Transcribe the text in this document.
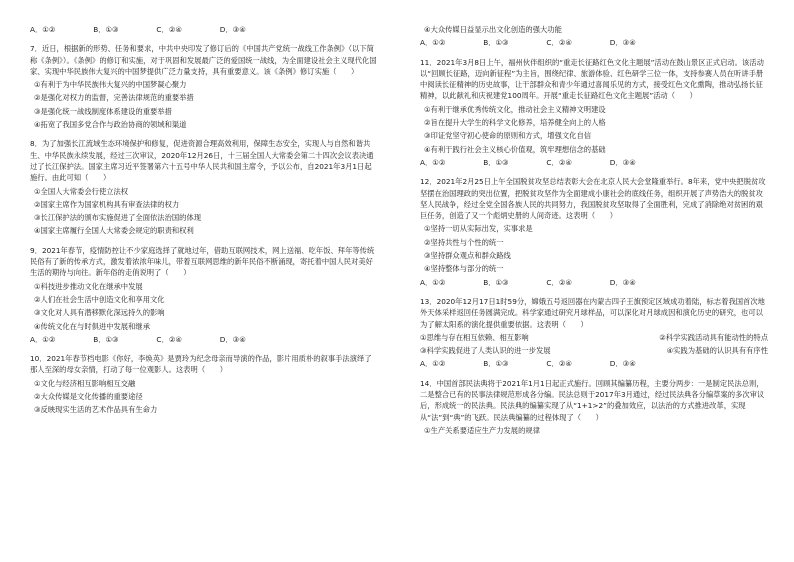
A．①②	B．①③	C．②④	D．③④

7．近日，根据新的形势、任务和要求，中共中央印发了修订后的《中国共产党统一战线工作条例》（以下简称《条例》）。《条例》的修订和实施，对于巩固和发展最广泛的爱国统一战线，为全面建设社会主义现代化国家、实现中华民族伟大复兴的中国梦提供广泛力量支持，具有重要意义。该《条例》修订实施（　　）

①有利于为中华民族伟大复兴的中国梦凝心聚力

②是强化对权力的监督，完善法律规范的重要举措

③是强化统一战线制度体系建设的重要举措

④拓宽了我国多党合作与政治协商的领域和渠道

8．为了加强长江流域生态环境保护和修复，促进资源合理高效利用，保障生态安全，实现人与自然和谐共生、中华民族永续发展，经过三次审议，2020年12月26日，十三届全国人大常委会第二十四次会议表决通过了长江保护法。国家主席习近平签署第六十五号中华人民共和国主席令，予以公布，自2021年3月1日起施行。由此可知（　　）

①全国人大常委会行使立法权

②国家主席作为国家机构具有审查法律的权力

③长江保护法的颁布实施促进了全面依法治国的体现

④国家主席履行全国人大常委会规定的职责和权利

9．2021年春节，疫情防控让不少家庭选择了就地过年，借助互联网技术，网上送福、吃年饭、拜年等传统民俗有了新的传承方式，激发着浓浓年味儿，带着互联网思维的新年民俗不断涌现，寄托着中国人民对美好生活的期待与向往。新年俗的走俏说明了（　　）

①科技进步推动文化在继承中发展

②人们在社会生活中创造文化和享用文化

③文化对人具有潜移默化深远持久的影响

④传统文化在与时俱进中发展和继承

A．①②	B．①③	C．②④	D．③④

10．2021年春节档电影《你好，李焕英》是贾玲为纪念母亲而导演的作品，影片用质朴的叙事手法演绎了那人至深的母女亲情，打动了每一位观影人。这表明（　　）

①文化与经济相互影响相互交融

②大众传媒是文化传播的重要途径

③反映现实生活的艺术作品具有生命力

④大众传媒日益显示出文化创造的强大功能

A．①②	B．①③	C．②④	D．③④

11．2021年3月8日上午，福州伙伴组织的“重走长征路红色文化主题展”活动在鼓山景区正式启动。该活动以“回顾长征路，迈向新征程”为主旨，围绕纪律、旅游体验、红色研学三位一体，支持参赛人员在听讲手册中阅读长征精神的历史故事，让干部群众和青少年通过喜闻乐见的方式，接受红色文化熏陶，推动弘扬长征精神，以此献礼和庆祝建党100周年。开展“重走长征路红色文化主题展”活动（　　）

①有利于继承优秀传统文化，推动社会主义精神文明建设

②旨在提升大学生的科学文化修养，培养健全向上的人格

③印证党坚守初心使命的原则和方式，增强文化自信

④有利于践行社会主义核心价值观，筑牢理想信念的基础

A．①②	B．①③	C．②④	D．③④

12．2021年2月25日上午全国脱贫攻坚总结表彰大会在北京人民大会堂隆重举行。8年来，党中央把脱贫攻坚摆在治国理政的突出位置，把脱贫攻坚作为全面建成小康社会的底线任务，组织开展了声势浩大的脱贫攻坚人民战争，经过全党全国各族人民的共同努力，我国脱贫攻坚取得了全面胜利，完成了消除绝对贫困的艰巨任务，创造了又一个彪炳史册的人间奇迹。这表明（　　）

①坚持一切从实际出发，实事求是

②坚持共性与个性的统一

③坚持群众观点和群众路线

④坚持整体与部分的统一

A．①②	B．①③	C．②④	D．③④

13．2020年12月17日1时59分，嫦娥五号返回器在内蒙古四子王旗预定区域成功着陆，标志着我国首次地外天体采样返回任务圆满完成。科学家通过研究月球样品，可以深化对月球成因和演化历史的研究，也可以为了解太阳系的演化提供重要依据。这表明（　　）

①思维与存在相互依赖、相互影响	②科学实践活动具有能动性的特点
③科学实践促进了人类认识的进一步发展	④实践为基础的认识具有有序性
A．①②	B．①③	C．②④	D．③④

14．中国首部民法典将于2021年1月1日起正式施行。回顾其编纂历程，主要分两步：一是制定民法总则，二是整合已有的民事法律规范形成各分编。民法总则于2017年3月通过，经过民法典各分编草案的多次审议后，形成统一的民法典。民法典的编纂实现了从“1+1>2”的叠加效应，以法治的方式推进改革，实现从“法”到“典”的飞跃。民法典编纂的过程体现了（　　）

①生产关系要适应生产力发展的规律
